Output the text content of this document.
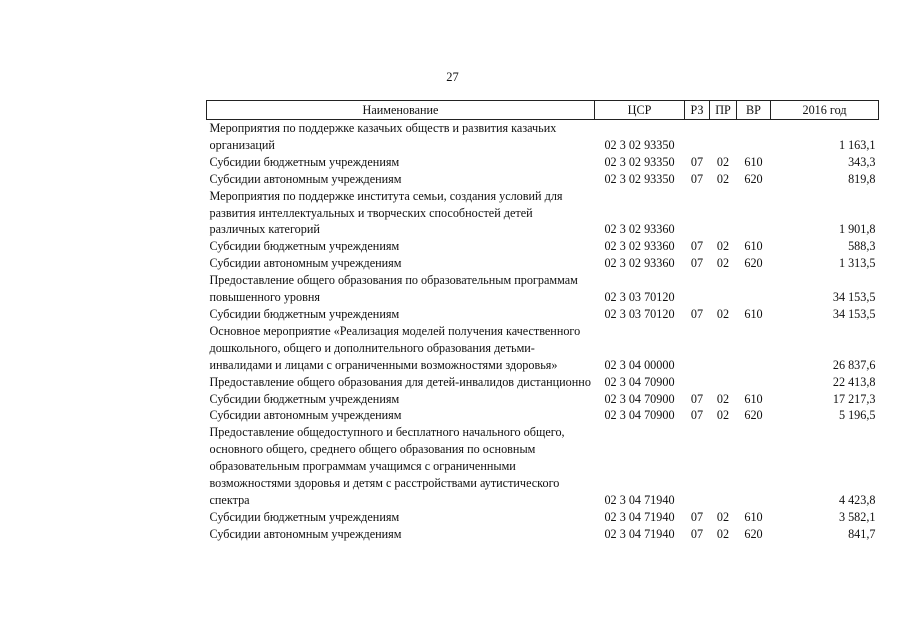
27
Наименование	ЦСР	РЗ	ПР	ВР	2016 год
Мероприятия по поддержке казачьих обществ и развития казачьих организаций	02 3 02 93350				1 163,1
Субсидии бюджетным учреждениям	02 3 02 93350	07	02	610	343,3
Субсидии автономным учреждениям	02 3 02 93350	07	02	620	819,8
Мероприятия по поддержке института семьи, создания условий для развития интеллектуальных и творческих способностей детей различных категорий	02 3 02 93360				1 901,8
Субсидии бюджетным учреждениям	02 3 02 93360	07	02	610	588,3
Субсидии автономным учреждениям	02 3 02 93360	07	02	620	1 313,5
Предоставление общего образования по образовательным программам повышенного уровня	02 3 03 70120				34 153,5
Субсидии бюджетным учреждениям	02 3 03 70120	07	02	610	34 153,5
Основное мероприятие «Реализация моделей получения качественного дошкольного, общего и дополнительного образования детьми-инвалидами и лицами с ограниченными возможностями здоровья»	02 3 04 00000				26 837,6
Предоставление общего образования для детей-инвалидов дистанционно	02 3 04 70900				22 413,8
Субсидии бюджетным учреждениям	02 3 04 70900	07	02	610	17 217,3
Субсидии автономным учреждениям	02 3 04 70900	07	02	620	5 196,5
Предоставление общедоступного и бесплатного начального общего, основного общего, среднего общего образования по основным образовательным программам учащимся с ограниченными возможностями здоровья и детям с расстройствами аутистического спектра	02 3 04 71940				4 423,8
Субсидии бюджетным учреждениям	02 3 04 71940	07	02	610	3 582,1
Субсидии автономным учреждениям	02 3 04 71940	07	02	620	841,7
